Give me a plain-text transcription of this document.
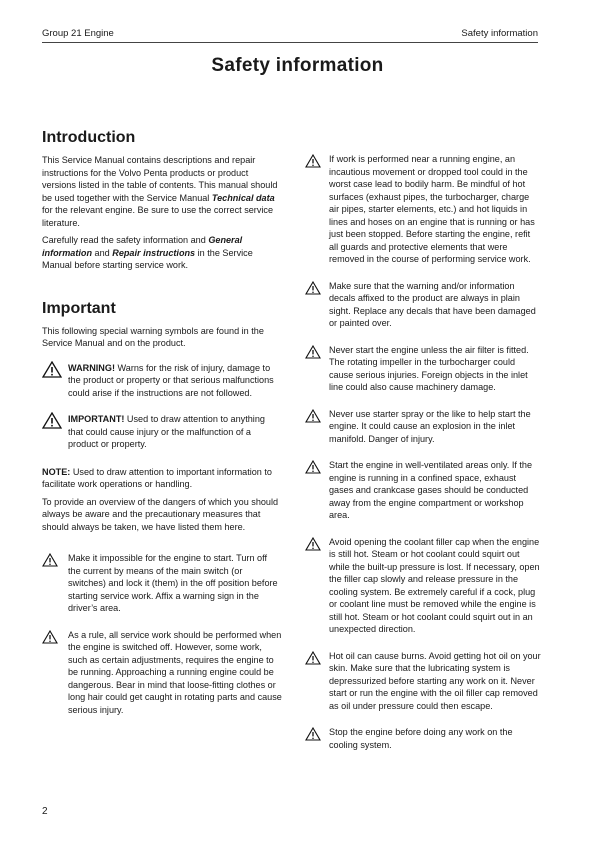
Group 21 Engine	Safety information
Safety information
Introduction

This Service Manual contains descriptions and repair instructions for the Volvo Penta products or product versions listed in the table of contents. This manual should be used together with the Service Manual Technical data for the relevant engine. Be sure to use the correct service literature.

Carefully read the safety information and General information and Repair instructions in the Service Manual before starting service work.

Important

This following special warning symbols are found in the Service Manual and on the product.

WARNING! Warns for the risk of injury, damage to the product or property or that serious malfunctions could arise if the instructions are not followed.

IMPORTANT! Used to draw attention to anything that could cause injury or the malfunction of a product or property.

NOTE: Used to draw attention to important information to facilitate work operations or handling.

To provide an overview of the dangers of which you should always be aware and the precautionary measures that should always be taken, we have listed them here.

Make it impossible for the engine to start. Turn off the current by means of the main switch (or switches) and lock it (them) in the off position before starting service work. Affix a warning sign in the driver’s area.

As a rule, all service work should be performed when the engine is switched off. However, some work, such as certain adjustments, requires the engine to be running. Approaching a running engine could be dangerous. Bear in mind that loose-fitting clothes or long hair could get caught in rotating parts and cause serious injury.

If work is performed near a running engine, an incautious movement or dropped tool could in the worst case lead to bodily harm. Be mindful of hot surfaces (exhaust pipes, the turbocharger, charge air pipes, starter elements, etc.) and hot liquids in lines and hoses on an engine that is running or has just been stopped. Before starting the engine, refit all guards and protective elements that were removed in the course of performing service work.

Make sure that the warning and/or information decals affixed to the product are always in plain sight. Replace any decals that have been damaged or painted over.

Never start the engine unless the air filter is fitted. The rotating impeller in the turbocharger could cause serious injuries. Foreign objects in the inlet line could also cause machinery damage.

Never use starter spray or the like to help start the engine. It could cause an explosion in the inlet manifold. Danger of injury.

Start the engine in well-ventilated areas only. If the engine is running in a confined space, exhaust gases and crankcase gases should be conducted away from the engine compartment or workshop area.

Avoid opening the coolant filler cap when the engine is still hot. Steam or hot coolant could squirt out while the built-up pressure is lost. If necessary, open the filler cap slowly and release pressure in the cooling system. Be extremely careful if a cock, plug or coolant line must be removed while the engine is still hot. Steam or hot coolant could squirt out in an unexpected direction.

Hot oil can cause burns. Avoid getting hot oil on your skin. Make sure that the lubricating system is depressurized before starting any work on it. Never start or run the engine with the oil filler cap removed as oil under pressure could then escape.

Stop the engine before doing any work on the cooling system.

2
